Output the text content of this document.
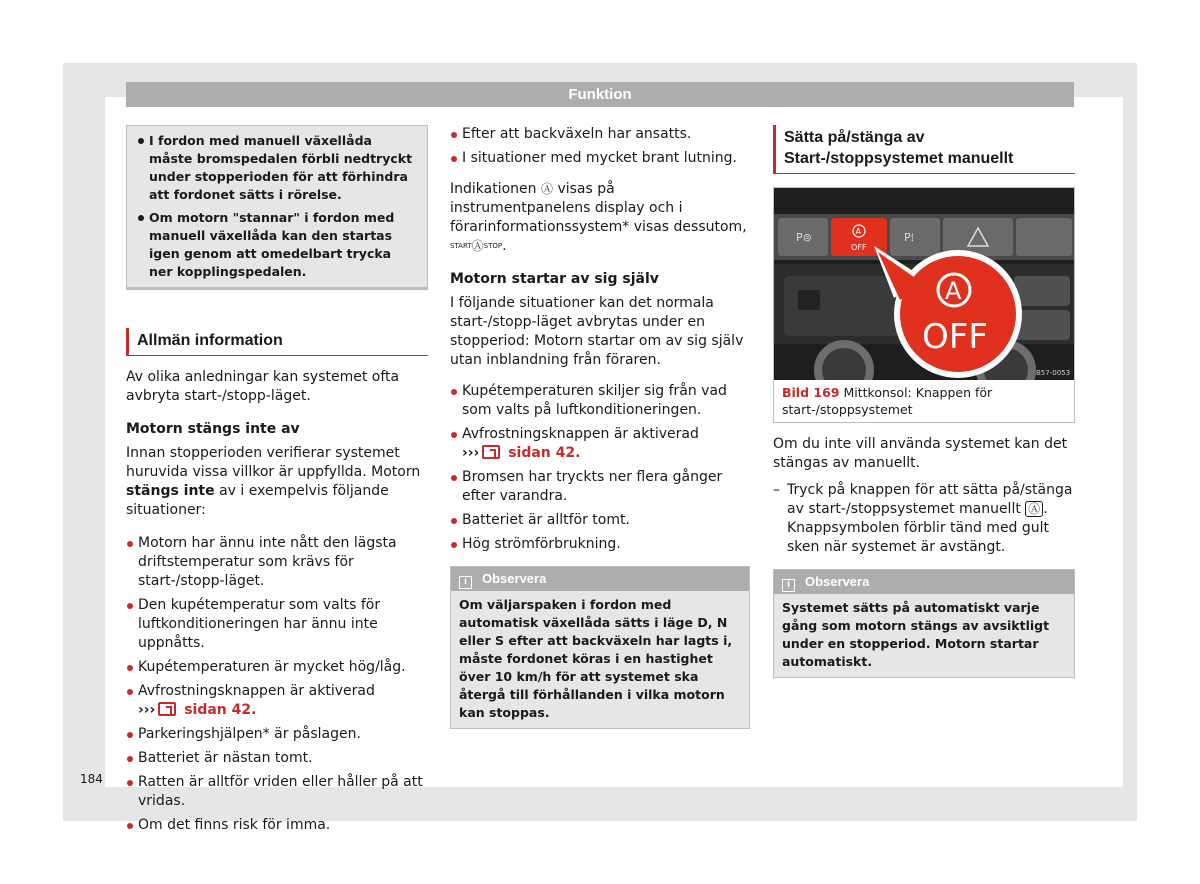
Funktion

I fordon med manuell växellåda måste bromspedalen förbli nedtryckt under stopperioden för att förhindra att fordonet sätts i rörelse.

Om motorn "stannar" i fordon med manuell växellåda kan den startas igen genom att omedelbart trycka ner kopplingspedalen.

Allmän information

Av olika anledningar kan systemet ofta avbryta start-/stopp-läget.

Motorn stängs inte av

Innan stopperioden verifierar systemet huruvida vissa villkor är uppfyllda. Motorn stängs inte av i exempelvis följande situationer:

Motorn har ännu inte nått den lägsta driftstemperatur som krävs för start-/stopp-läget.

Den kupétemperatur som valts för luftkonditioneringen har ännu inte uppnåtts.

Kupétemperaturen är mycket hög/låg.

Avfrostningsknappen är aktiverad
››› sidan 42.

Parkeringshjälpen* är påslagen.

Batteriet är nästan tomt.

Ratten är alltför vriden eller håller på att vridas.

Om det finns risk för imma.

Efter att backväxeln har ansatts.

I situationer med mycket brant lutning.

Indikationen Ⓐ visas på instrumentpanelens display och i förarinformationssystem* visas dessutom, STARTⒶSTOP.

Motorn startar av sig själv

I följande situationer kan det normala start-/stopp-läget avbrytas under en stopperiod: Motorn startar om av sig själv utan inblandning från föraren.

Kupétemperaturen skiljer sig från vad som valts på luftkonditioneringen.

Avfrostningsknappen är aktiverad
››› sidan 42.

Bromsen har tryckts ner flera gånger efter varandra.

Batteriet är alltför tomt.

Hög strömförbrukning.

i Observera
Om väljarspaken i fordon med automatisk växellåda sätts i läge D, N eller S efter att backväxeln har lagts i, måste fordonet köras i en hastighet över 10 km/h för att systemet ska återgå till förhållanden i vilka motorn kan stoppas.
Sätta på/stänga av Start-/stoppsystemet manuellt
P⊜	A
OFF
P⁞
A
OFF
B57-0053
Bild 169 Mittkonsol: Knappen för start-/stoppsystemet

Om du inte vill använda systemet kan det stängas av manuellt.

– Tryck på knappen för att sätta på/stänga av start-/stoppsystemet manuellt Ⓐ . Knappsymbolen förblir tänd med gult sken när systemet är avstängt.

i Observera
Systemet sätts på automatiskt varje gång som motorn stängs av avsiktligt under en stopperiod. Motorn startar automatiskt.
184
